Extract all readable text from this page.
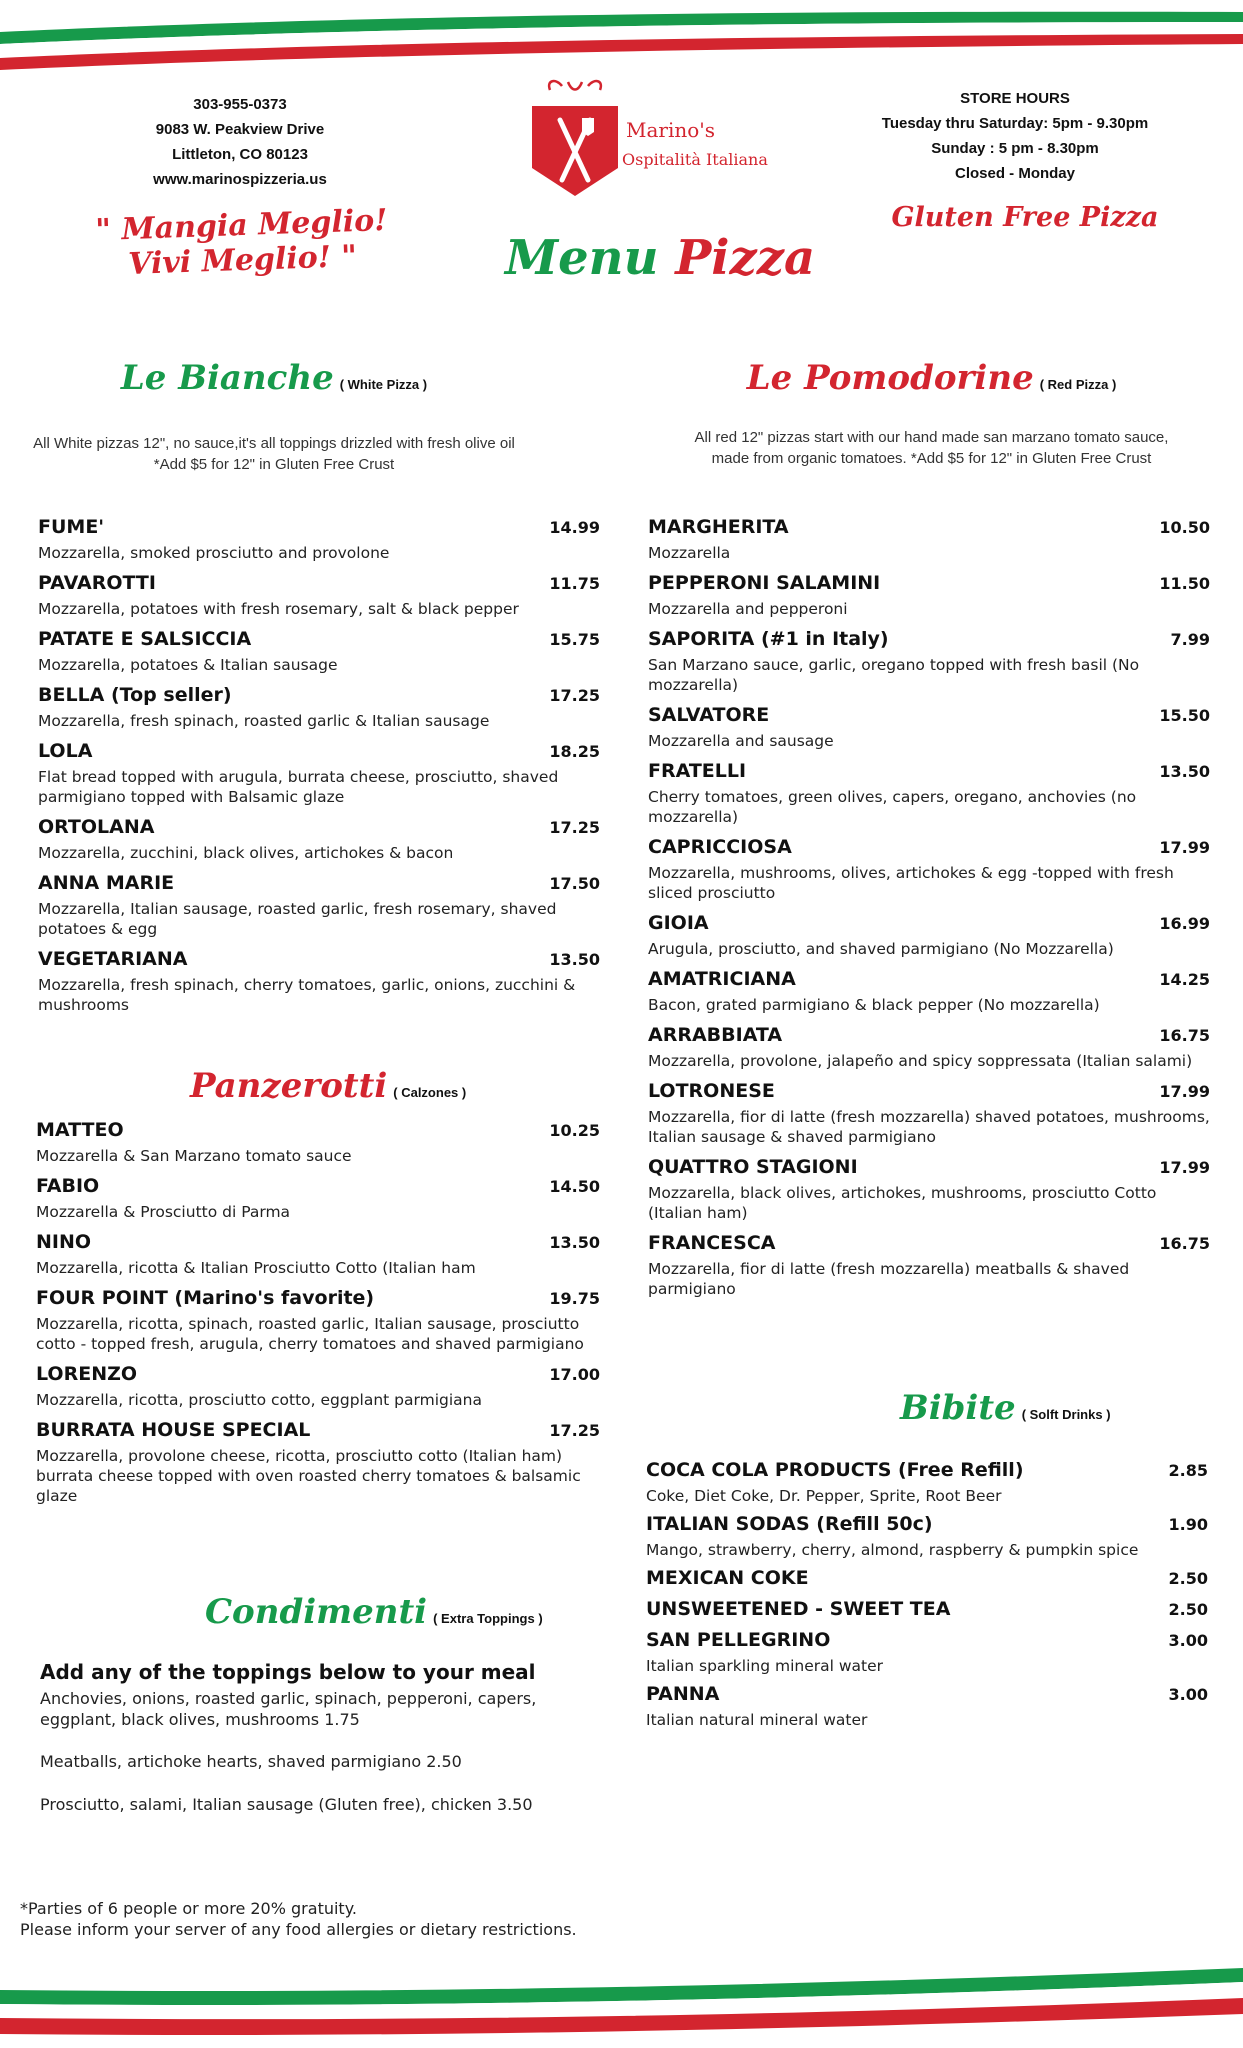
303-955-0373
9083 W. Peakview Drive
Littleton, CO 80123
www.marinospizzeria.us
" Mangia Meglio! Vivi Meglio! "
Marino's
Ospitalità Italiana
Menu Pizza
STORE HOURS
Tuesday thru Saturday: 5pm - 9.30pm
Sunday : 5 pm - 8.30pm
Closed - Monday
Gluten Free Pizza
Le Bianche ( White Pizza )
All White pizzas 12", no sauce,it's all toppings drizzled with fresh olive oil
*Add $5 for 12" in Gluten Free Crust
FUME'	14.99
Mozzarella, smoked prosciutto and provolone
PAVAROTTI	11.75
Mozzarella, potatoes with fresh rosemary, salt & black pepper
PATATE E SALSICCIA	15.75
Mozzarella, potatoes & Italian sausage
BELLA (Top seller)	17.25
Mozzarella, fresh spinach, roasted garlic & Italian sausage
LOLA	18.25
Flat bread topped with arugula, burrata cheese, prosciutto, shaved parmigiano topped with Balsamic glaze
ORTOLANA	17.25
Mozzarella, zucchini, black olives, artichokes & bacon
ANNA MARIE	17.50
Mozzarella, Italian sausage, roasted garlic, fresh rosemary, shaved potatoes & egg
VEGETARIANA	13.50
Mozzarella, fresh spinach, cherry tomatoes, garlic, onions, zucchini & mushrooms
Panzerotti ( Calzones )
MATTEO	10.25
Mozzarella & San Marzano tomato sauce
FABIO	14.50
Mozzarella & Prosciutto di Parma
NINO	13.50
Mozzarella, ricotta & Italian Prosciutto Cotto (Italian ham
FOUR POINT (Marino's favorite)	19.75
Mozzarella, ricotta, spinach, roasted garlic, Italian sausage, prosciutto cotto - topped fresh, arugula, cherry tomatoes and shaved parmigiano
LORENZO	17.00
Mozzarella, ricotta, prosciutto cotto, eggplant parmigiana
BURRATA HOUSE SPECIAL	17.25
Mozzarella, provolone cheese, ricotta, prosciutto cotto (Italian ham) burrata cheese topped with oven roasted cherry tomatoes & balsamic glaze
Condimenti ( Extra Toppings )
Add any of the toppings below to your meal
Anchovies, onions, roasted garlic, spinach, pepperoni, capers, eggplant, black olives, mushrooms 1.75
Meatballs, artichoke hearts, shaved parmigiano 2.50
Prosciutto, salami, Italian sausage (Gluten free), chicken 3.50
Le Pomodorine ( Red Pizza )
All red 12" pizzas start with our hand made san marzano tomato sauce,
made from organic tomatoes. *Add $5 for 12" in Gluten Free Crust
MARGHERITA	10.50
Mozzarella
PEPPERONI SALAMINI	11.50
Mozzarella and pepperoni
SAPORITA (#1 in Italy)	7.99
San Marzano sauce, garlic, oregano topped with fresh basil (No mozzarella)
SALVATORE	15.50
Mozzarella and sausage
FRATELLI	13.50
Cherry tomatoes, green olives, capers, oregano, anchovies (no mozzarella)
CAPRICCIOSA	17.99
Mozzarella, mushrooms, olives, artichokes & egg -topped with fresh sliced prosciutto
GIOIA	16.99
Arugula, prosciutto, and shaved parmigiano (No Mozzarella)
AMATRICIANA	14.25
Bacon, grated parmigiano & black pepper (No mozzarella)
ARRABBIATA	16.75
Mozzarella, provolone, jalapeño and spicy soppressata (Italian salami)
LOTRONESE	17.99
Mozzarella, fior di latte (fresh mozzarella) shaved potatoes, mushrooms, Italian sausage & shaved parmigiano
QUATTRO STAGIONI	17.99
Mozzarella, black olives, artichokes, mushrooms, prosciutto Cotto (Italian ham)
FRANCESCA	16.75
Mozzarella, fior di latte (fresh mozzarella) meatballs & shaved parmigiano
Bibite ( Solft Drinks )
COCA COLA PRODUCTS (Free Refill)	2.85
Coke, Diet Coke, Dr. Pepper, Sprite, Root Beer
ITALIAN SODAS (Refill 50c)	1.90
Mango, strawberry, cherry, almond, raspberry & pumpkin spice
MEXICAN COKE	2.50
UNSWEETENED - SWEET TEA	2.50
SAN PELLEGRINO	3.00
Italian sparkling mineral water
PANNA	3.00
Italian natural mineral water
*Parties of 6 people or more 20% gratuity.
Please inform your server of any food allergies or dietary restrictions.
